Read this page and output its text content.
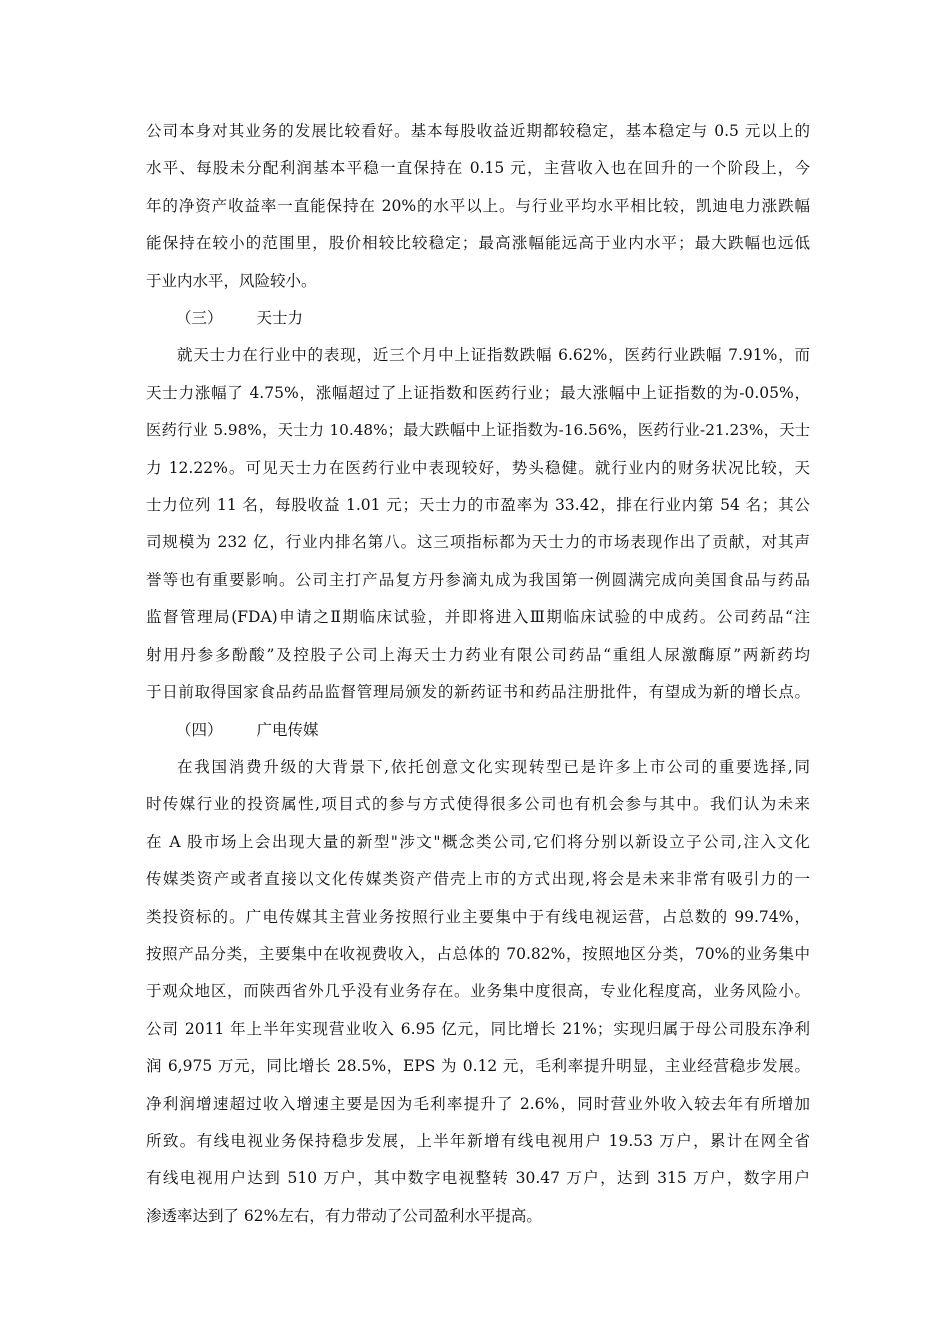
公司本身对其业务的发展比较看好。基本每股收益近期都较稳定，基本稳定与 0.5 元以上的
水平、每股未分配利润基本平稳一直保持在 0.15 元，主营收入也在回升的一个阶段上，今
年的净资产收益率一直能保持在 20%的水平以上。与行业平均水平相比较，凯迪电力涨跌幅
能保持在较小的范围里，股价相较比较稳定；最高涨幅能远高于业内水平；最大跌幅也远低
于业内水平，风险较小。
（三） 天士力
就天士力在行业中的表现，近三个月中上证指数跌幅 6.62%，医药行业跌幅 7.91%，而
天士力涨幅了 4.75%，涨幅超过了上证指数和医药行业；最大涨幅中上证指数的为-0.05%，
医药行业 5.98%，天士力 10.48%；最大跌幅中上证指数为-16.56%，医药行业-21.23%，天士
力 12.22%。可见天士力在医药行业中表现较好，势头稳健。就行业内的财务状况比较，天
士力位列 11 名，每股收益 1.01 元；天士力的市盈率为 33.42，排在行业内第 54 名；其公
司规模为 232 亿，行业内排名第八。这三项指标都为天士力的市场表现作出了贡献，对其声
誉等也有重要影响。公司主打产品复方丹参滴丸成为我国第一例圆满完成向美国食品与药品
监督管理局(FDA)申请之Ⅱ期临床试验，并即将进入Ⅲ期临床试验的中成药。公司药品“注
射用丹参多酚酸”及控股子公司上海天士力药业有限公司药品“重组人尿激酶原”两新药均
于日前取得国家食品药品监督管理局颁发的新药证书和药品注册批件，有望成为新的增长点。
（四） 广电传媒
在我国消费升级的大背景下,依托创意文化实现转型已是许多上市公司的重要选择,同
时传媒行业的投资属性,项目式的参与方式使得很多公司也有机会参与其中。我们认为未来
在 A 股市场上会出现大量的新型"涉文"概念类公司,它们将分别以新设立子公司,注入文化
传媒类资产或者直接以文化传媒类资产借壳上市的方式出现,将会是未来非常有吸引力的一
类投资标的。广电传媒其主营业务按照行业主要集中于有线电视运营，占总数的 99.74%，
按照产品分类，主要集中在收视费收入，占总体的 70.82%，按照地区分类，70%的业务集中
于观众地区，而陕西省外几乎没有业务存在。业务集中度很高，专业化程度高，业务风险小。
公司 2011 年上半年实现营业收入 6.95 亿元，同比增长 21%；实现归属于母公司股东净利
润 6,975 万元，同比增长 28.5%，EPS 为 0.12 元，毛利率提升明显，主业经营稳步发展。
净利润增速超过收入增速主要是因为毛利率提升了 2.6%，同时营业外收入较去年有所增加
所致。有线电视业务保持稳步发展，上半年新增有线电视用户 19.53 万户，累计在网全省
有线电视用户达到 510 万户，其中数字电视整转 30.47 万户，达到 315 万户，数字用户
渗透率达到了 62%左右，有力带动了公司盈利水平提高。
